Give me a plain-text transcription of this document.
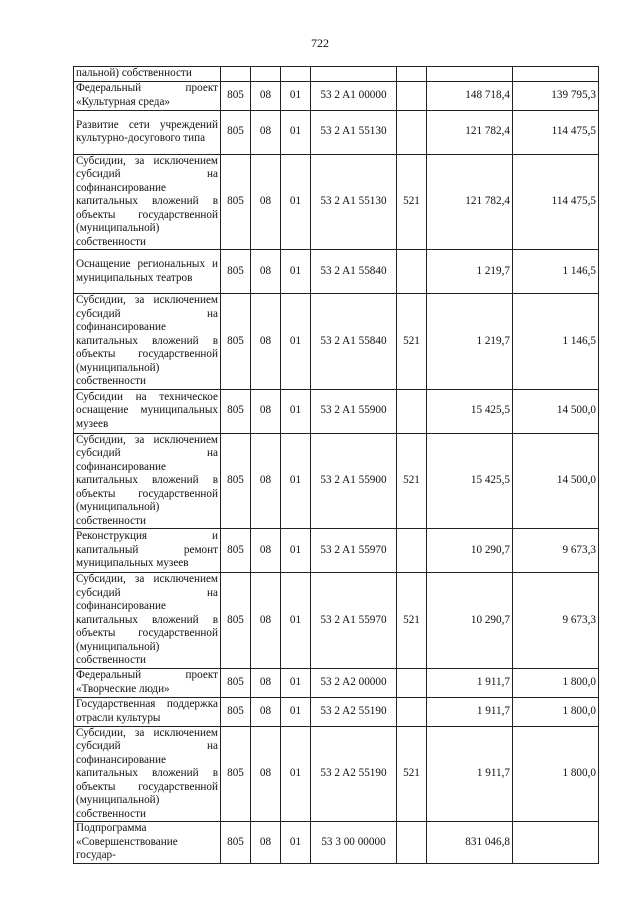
722
пальной) собственности							
Федеральный проект «Культурная среда»	805	08	01	53 2 A1 00000		148 718,4	139 795,3
Развитие сети учреждений культурно-досугового типа	805	08	01	53 2 A1 55130		121 782,4	114 475,5
Субсидии, за исключением субсидий на софинансирование капитальных вложений в объекты государственной (муниципальной) собственности	805	08	01	53 2 A1 55130	521	121 782,4	114 475,5
Оснащение региональных и муниципальных театров	805	08	01	53 2 A1 55840		1 219,7	1 146,5
Субсидии, за исключением субсидий на софинансирование капитальных вложений в объекты государственной (муниципальной) собственности	805	08	01	53 2 A1 55840	521	1 219,7	1 146,5
Субсидии на техническое оснащение муниципальных музеев	805	08	01	53 2 A1 55900		15 425,5	14 500,0
Субсидии, за исключением субсидий на софинансирование капитальных вложений в объекты государственной (муниципальной) собственности	805	08	01	53 2 A1 55900	521	15 425,5	14 500,0
Реконструкция и капитальный ремонт муниципальных музеев	805	08	01	53 2 A1 55970		10 290,7	9 673,3
Субсидии, за исключением субсидий на софинансирование капитальных вложений в объекты государственной (муниципальной) собственности	805	08	01	53 2 A1 55970	521	10 290,7	9 673,3
Федеральный проект «Творческие люди»	805	08	01	53 2 A2 00000		1 911,7	1 800,0
Государственная поддержка отрасли культуры	805	08	01	53 2 A2 55190		1 911,7	1 800,0
Субсидии, за исключением субсидий на софинансирование капитальных вложений в объекты государственной (муниципальной) собственности	805	08	01	53 2 A2 55190	521	1 911,7	1 800,0
Подпрограмма «Совершенствование государ-	805	08	01	53 3 00 00000		831 046,8	
